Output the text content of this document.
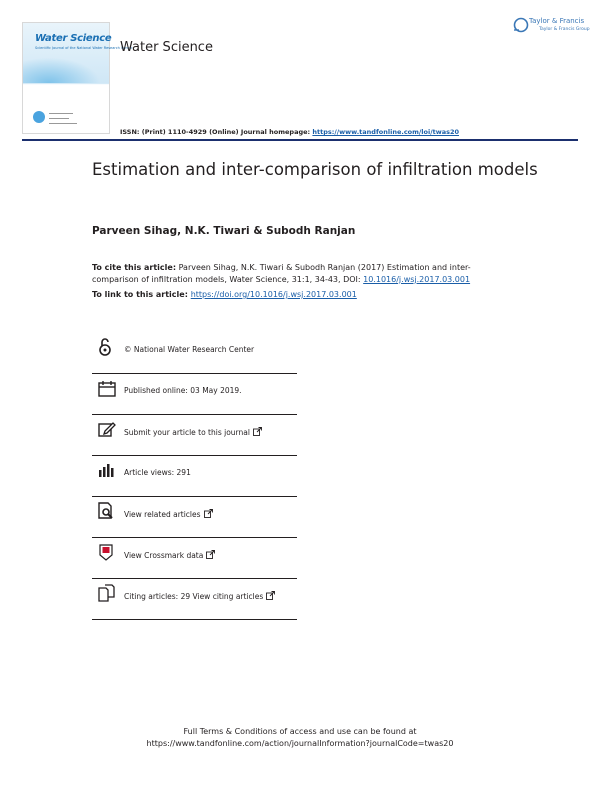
Water Science
Scientific Journal of the National Water Research Center
Water Science
Taylor & Francis
Taylor & Francis Group
ISSN: (Print) 1110-4929 (Online) Journal homepage: https://www.tandfonline.com/loi/twas20
Estimation and inter-comparison of infiltration models
Parveen Sihag, N.K. Tiwari & Subodh Ranjan
To cite this article: Parveen Sihag, N.K. Tiwari & Subodh Ranjan (2017) Estimation and inter-comparison of infiltration models, Water Science, 31:1, 34-43, DOI: 10.1016/j.wsj.2017.03.001
To link to this article: https://doi.org/10.1016/j.wsj.2017.03.001
© National Water Research Center
Published online: 03 May 2019.
Submit your article to this journal
Article views: 291
View related articles
View Crossmark data
Citing articles: 29 View citing articles
Full Terms & Conditions of access and use can be found at
https://www.tandfonline.com/action/journalInformation?journalCode=twas20
